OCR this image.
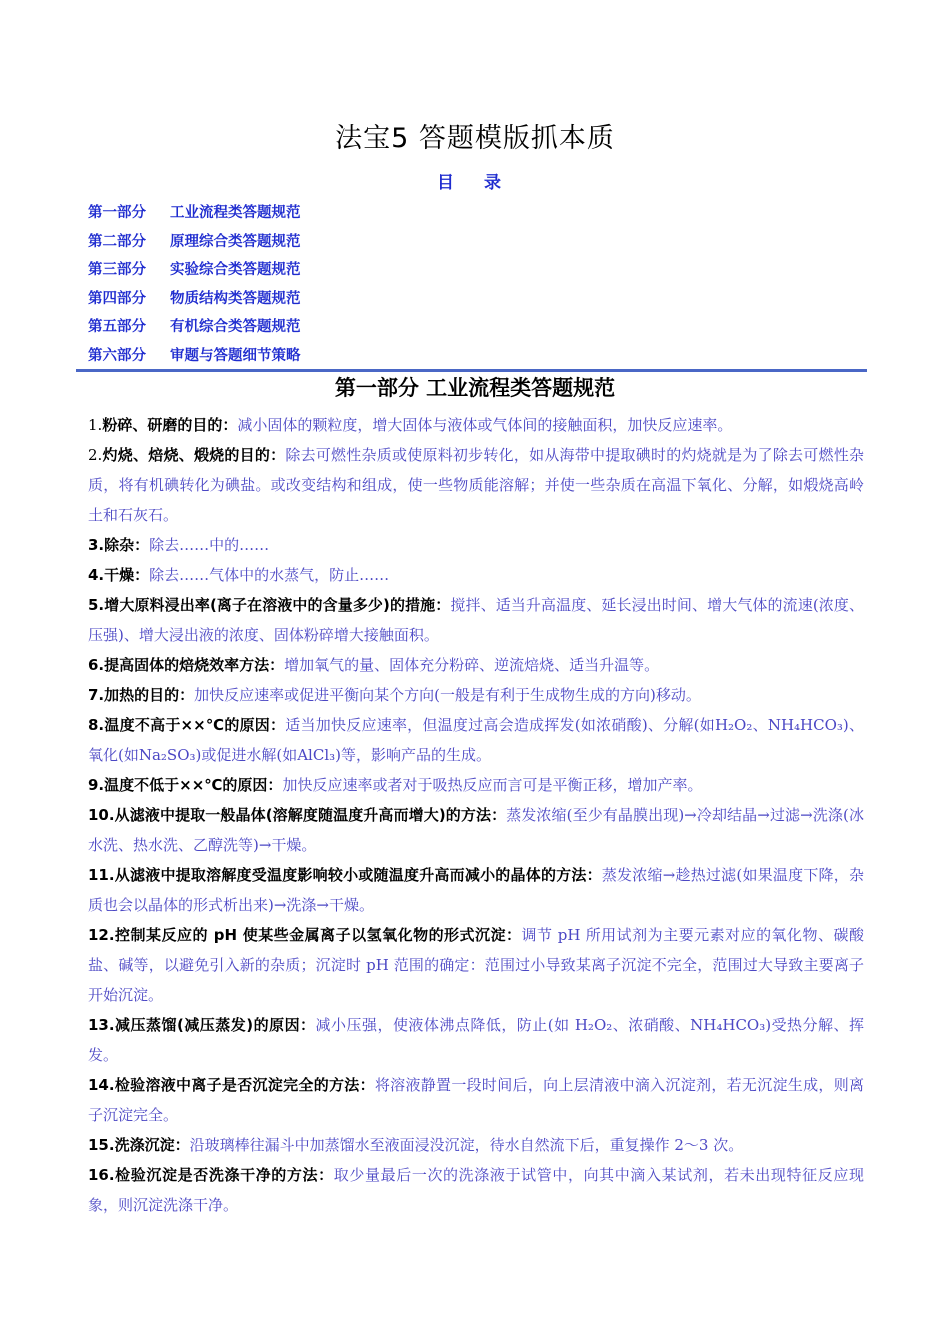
法宝5 答题模版抓本质
目 录
第一部分 工业流程类答题规范
第二部分 原理综合类答题规范
第三部分 实验综合类答题规范
第四部分 物质结构类答题规范
第五部分 有机综合类答题规范
第六部分 审题与答题细节策略
第一部分 工业流程类答题规范

1.粉碎、研磨的目的：减小固体的颗粒度，增大固体与液体或气体间的接触面积，加快反应速率。

2.灼烧、焙烧、煅烧的目的：除去可燃性杂质或使原料初步转化，如从海带中提取碘时的灼烧就是为了除去可燃性杂质，将有机碘转化为碘盐。或改变结构和组成，使一些物质能溶解；并使一些杂质在高温下氧化、分解，如煅烧高岭土和石灰石。

3.除杂：除去……中的……

4.干燥：除去……气体中的水蒸气，防止……

5.增大原料浸出率(离子在溶液中的含量多少)的措施：搅拌、适当升高温度、延长浸出时间、增大气体的流速(浓度、压强)、增大浸出液的浓度、固体粉碎增大接触面积。

6.提高固体的焙烧效率方法：增加氧气的量、固体充分粉碎、逆流焙烧、适当升温等。

7.加热的目的：加快反应速率或促进平衡向某个方向(一般是有利于生成物生成的方向)移动。

8.温度不高于××℃的原因：适当加快反应速率，但温度过高会造成挥发(如浓硝酸)、分解(如H₂O₂、NH₄HCO₃)、氧化(如Na₂SO₃)或促进水解(如AlCl₃)等，影响产品的生成。

9.温度不低于××℃的原因：加快反应速率或者对于吸热反应而言可是平衡正移，增加产率。

10.从滤液中提取一般晶体(溶解度随温度升高而增大)的方法：蒸发浓缩(至少有晶膜出现)→冷却结晶→过滤→洗涤(冰水洗、热水洗、乙醇洗等)→干燥。

11.从滤液中提取溶解度受温度影响较小或随温度升高而减小的晶体的方法：蒸发浓缩→趁热过滤(如果温度下降，杂质也会以晶体的形式析出来)→洗涤→干燥。

12.控制某反应的 pH 使某些金属离子以氢氧化物的形式沉淀：调节 pH 所用试剂为主要元素对应的氧化物、碳酸盐、碱等，以避免引入新的杂质；沉淀时 pH 范围的确定：范围过小导致某离子沉淀不完全，范围过大导致主要离子开始沉淀。

13.减压蒸馏(减压蒸发)的原因：减小压强，使液体沸点降低，防止(如 H₂O₂、浓硝酸、NH₄HCO₃)受热分解、挥发。

14.检验溶液中离子是否沉淀完全的方法：将溶液静置一段时间后，向上层清液中滴入沉淀剂，若无沉淀生成，则离子沉淀完全。

15.洗涤沉淀：沿玻璃棒往漏斗中加蒸馏水至液面浸没沉淀，待水自然流下后，重复操作 2～3 次。

16.检验沉淀是否洗涤干净的方法：取少量最后一次的洗涤液于试管中，向其中滴入某试剂，若未出现特征反应现象，则沉淀洗涤干净。
